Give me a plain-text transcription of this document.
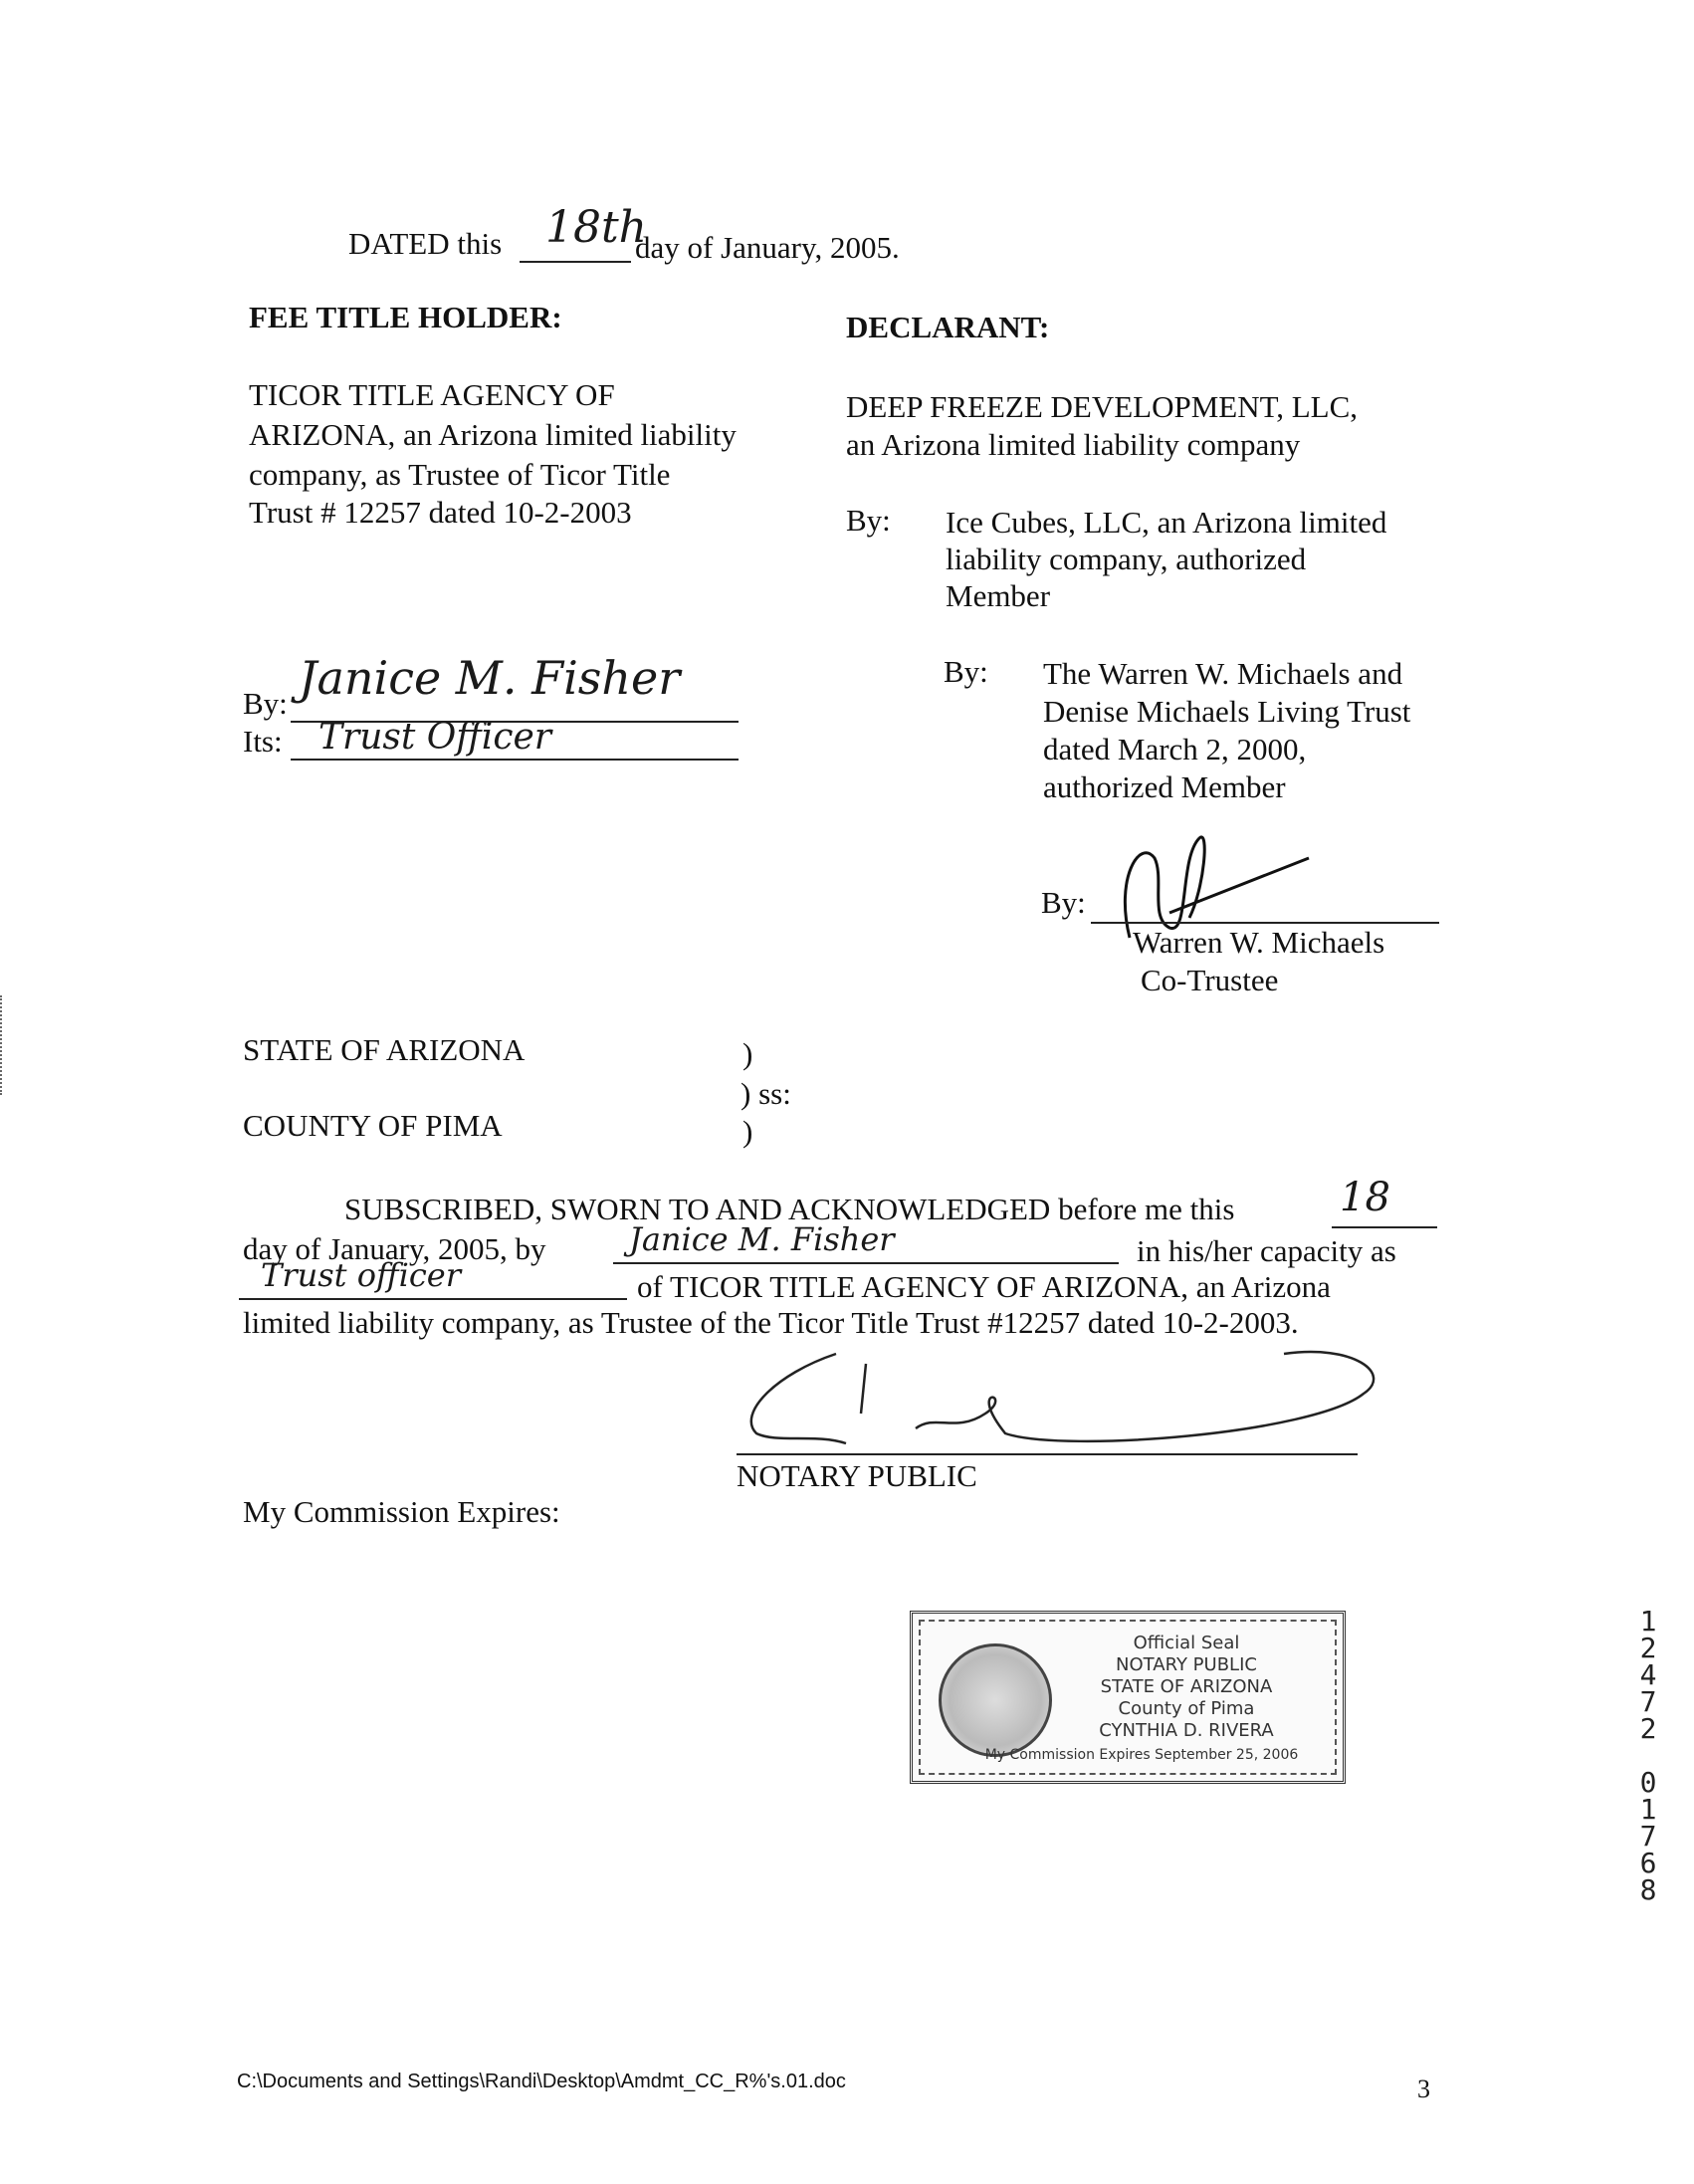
DATED this 18th
day of January, 2005.
FEE TITLE HOLDER:
TICOR TITLE AGENCY OF
ARIZONA, an Arizona limited liability
company, as Trustee of Ticor Title
Trust # 12257 dated 10-2-2003
By: Janice M. Fisher
Its: Trust Officer
DECLARANT:
DEEP FREEZE DEVELOPMENT, LLC,
an Arizona limited liability company
By: Ice Cubes, LLC, an Arizona limited
liability company, authorized
Member
By: The Warren W. Michaels and
Denise Michaels Living Trust
dated March 2, 2000,
authorized Member
By:
Warren W. Michaels
Co-Trustee
STATE OF ARIZONA	)
) ss:
COUNTY OF PIMA	)
SUBSCRIBED, SWORN TO AND ACKNOWLEDGED before me this	18
day of January, 2005, by	Janice M. Fisher	in his/her capacity as
Trust officer	of TICOR TITLE AGENCY OF ARIZONA, an Arizona
limited liability company, as Trustee of the Ticor Title Trust #12257 dated 10-2-2003.
NOTARY PUBLIC
My Commission Expires:
Official Seal
NOTARY PUBLIC
STATE OF ARIZONA
County of Pima
CYNTHIA D. RIVERA
My Commission Expires September 25, 2006
1
2
4
7
2

0
1
7
6
8
C:\Documents and Settings\Randi\Desktop\Amdmt_CC_R%'s.01.doc	3
